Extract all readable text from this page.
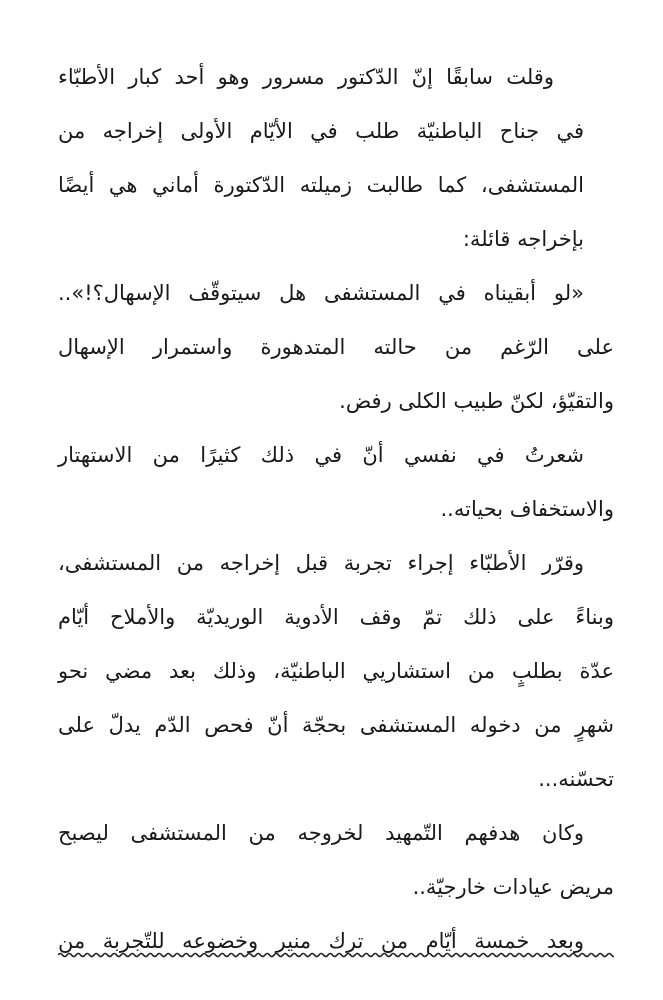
وقلت سابقًا إنّ الدّكتور مسرور وهو أحد كبار الأطبّاء
في جناح الباطنيّة طلب في الأيّام الأولى إخراجه من
المستشفى، كما طالبت زميلته الدّكتورة أماني هي أيضًا
بإخراجه قائلة:

«لو أبقيناه في المستشفى هل سيتوقّف الإسهال؟!»..
على الرّغم من حالته المتدهورة واستمرار الإسهال
والتقيّؤ، لكنّ طبيب الكلى رفض.

شعرتُ في نفسي أنّ في ذلك كثيرًا من الاستهتار
والاستخفاف بحياته..

وقرّر الأطبّاء إجراء تجربة قبل إخراجه من المستشفى،
وبناءً على ذلك تمّ وقف الأدوية الوريديّة والأملاح أيّام
عدّة بطلبٍ من استشاريي الباطنيّة، وذلك بعد مضي نحو
شهرٍ من دخوله المستشفى بحجّة أنّ فحص الدّم يدلّ على
تحسّنه...

وكان هدفهم التّمهيد لخروجه من المستشفى ليصبح
مريض عيادات خارجيّة..

وبعد خمسة أيّام من ترك منير وخضوعه للتّجربة من
